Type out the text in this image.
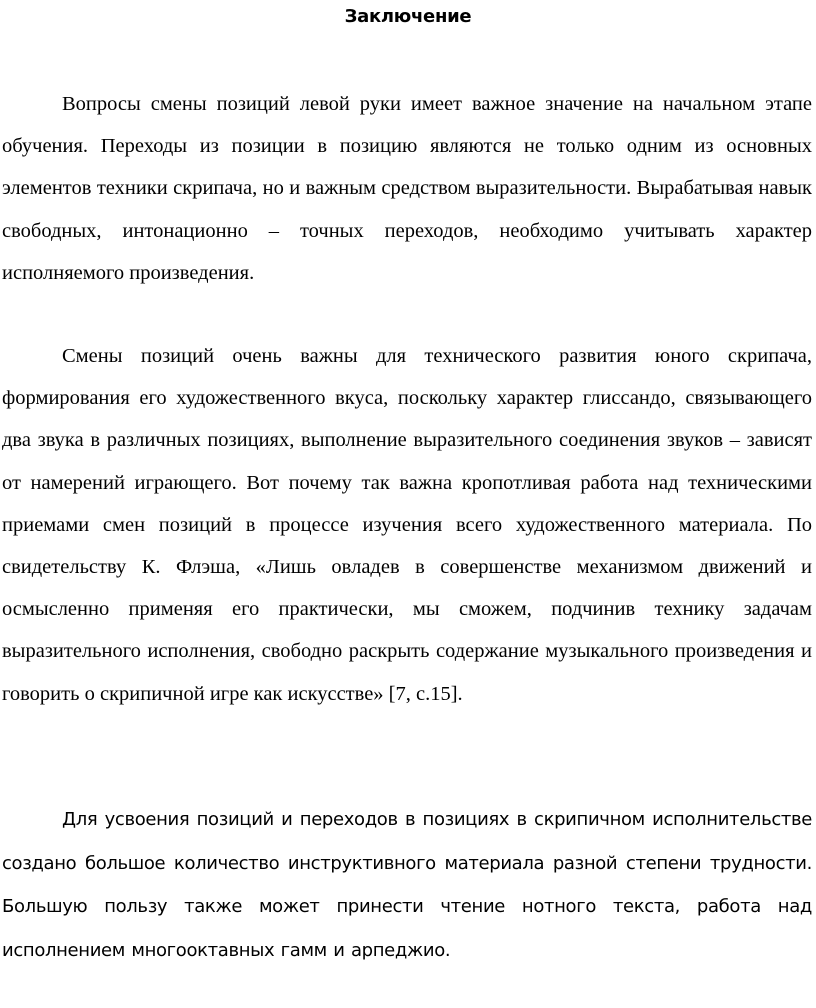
Заключение

Вопросы смены позиций левой руки имеет важное значение на начальном этапе обучения. Переходы из позиции в позицию являются не только одним из основных элементов техники скрипача, но и важным средством выразительности. Вырабатывая навык свободных, интонационно – точных переходов, необходимо учитывать характер исполняемого произведения.

Смены позиций очень важны для технического развития юного скрипача, формирования его художественного вкуса, поскольку характер глиссандо, связывающего два звука в различных позициях, выполнение выразительного соединения звуков – зависят от намерений играющего. Вот почему так важна кропотливая работа над техническими приемами смен позиций в процессе изучения всего художественного материала. По свидетельству К. Флэша, «Лишь овладев в совершенстве механизмом движений и осмысленно применяя его практически, мы сможем, подчинив технику задачам выразительного исполнения, свободно раскрыть содержание музыкального произведения и говорить о скрипичной игре как искусстве» [7, с.15].

Для усвоения позиций и переходов в позициях в скрипичном исполнительстве создано большое количество инструктивного материала разной степени трудности. Большую пользу также может принести чтение нотного текста, работа над исполнением многооктавных гамм и арпеджио.
